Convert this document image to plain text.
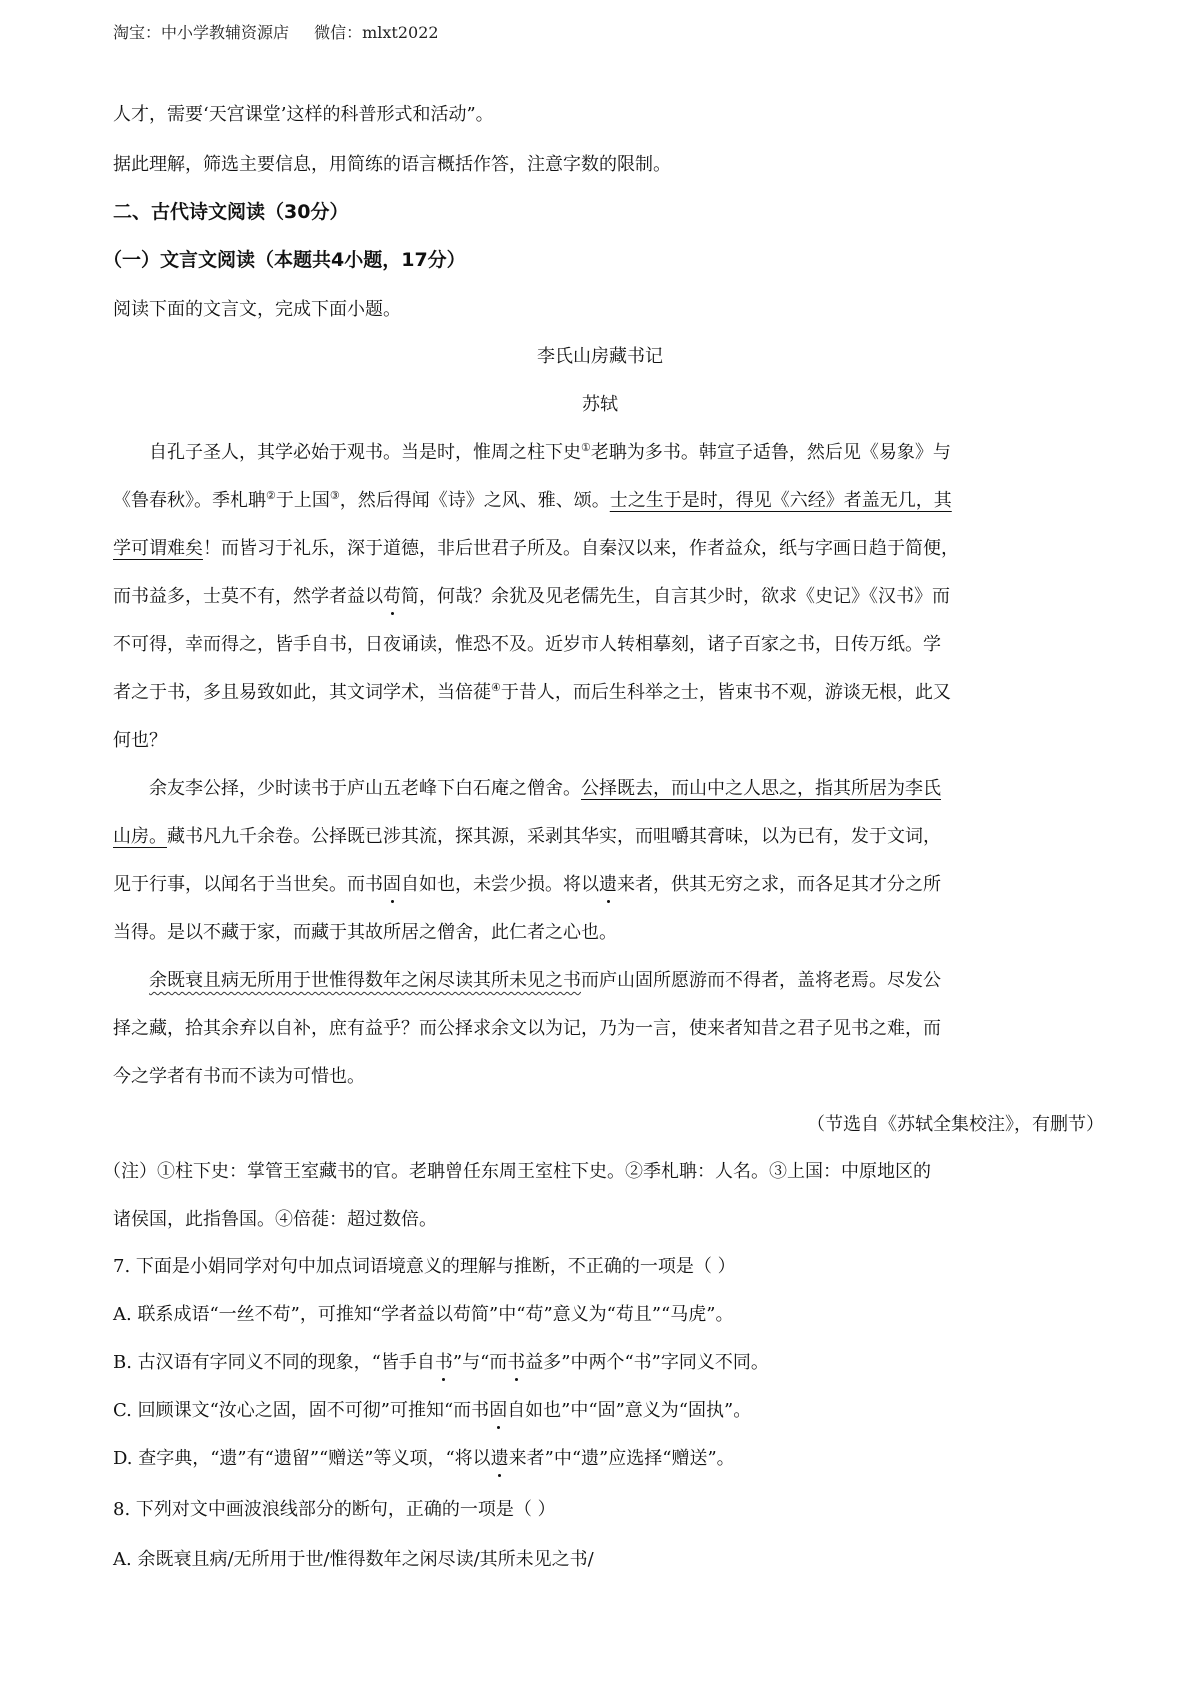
淘宝：中小学教辅资源店 微信：mlxt2022
人才，需要‘天宫课堂’这样的科普形式和活动”。
据此理解，筛选主要信息，用简练的语言概括作答，注意字数的限制。
二、古代诗文阅读（30分）
（一）文言文阅读（本题共4小题，17分）
阅读下面的文言文，完成下面小题。
李氏山房藏书记
苏轼
自孔子圣人，其学必始于观书。当是时，惟周之柱下史①老聃为多书。韩宣子适鲁，然后见《易象》与
《鲁春秋》。季札聃②于上国③，然后得闻《诗》之风、雅、颂。士之生于是时，得见《六经》者盖无几，其
学可谓难矣！而皆习于礼乐，深于道德，非后世君子所及。自秦汉以来，作者益众，纸与字画日趋于简便，
而书益多，士莫不有，然学者益以苟简，何哉？余犹及见老儒先生，自言其少时，欲求《史记》《汉书》而
不可得，幸而得之，皆手自书，日夜诵读，惟恐不及。近岁市人转相摹刻，诸子百家之书，日传万纸。学
者之于书，多且易致如此，其文词学术，当倍蓰④于昔人，而后生科举之士，皆束书不观，游谈无根，此又
何也？
余友李公择，少时读书于庐山五老峰下白石庵之僧舍。公择既去，而山中之人思之，指其所居为李氏
山房。藏书凡九千余卷。公择既已涉其流，探其源，采剥其华实，而咀嚼其膏味，以为已有，发于文词，
见于行事，以闻名于当世矣。而书固自如也，未尝少损。将以遗来者，供其无穷之求，而各足其才分之所
当得。是以不藏于家，而藏于其故所居之僧舍，此仁者之心也。
余既衰且病无所用于世惟得数年之闲尽读其所未见之书而庐山固所愿游而不得者，盖将老焉。尽发公
择之藏，拾其余弃以自补，庶有益乎？而公择求余文以为记，乃为一言，使来者知昔之君子见书之难，而
今之学者有书而不读为可惜也。
（节选自《苏轼全集校注》，有删节）
（注）①柱下史：掌管王室藏书的官。老聃曾任东周王室柱下史。②季札聃：人名。③上国：中原地区的
诸侯国，此指鲁国。④倍蓰：超过数倍。
7. 下面是小娟同学对句中加点词语境意义的理解与推断，不正确的一项是（ ）
A. 联系成语“一丝不苟”，可推知“学者益以苟简”中“苟”意义为“苟且”“马虎”。
B. 古汉语有字同义不同的现象，“皆手自书”与“而书益多”中两个“书”字同义不同。
C. 回顾课文“汝心之固，固不可彻”可推知“而书固自如也”中“固”意义为“固执”。
D. 查字典，“遗”有“遗留”“赠送”等义项，“将以遗来者”中“遗”应选择“赠送”。
8. 下列对文中画波浪线部分的断句，正确的一项是（ ）
A. 余既衰且病/无所用于世/惟得数年之闲尽读/其所未见之书/
